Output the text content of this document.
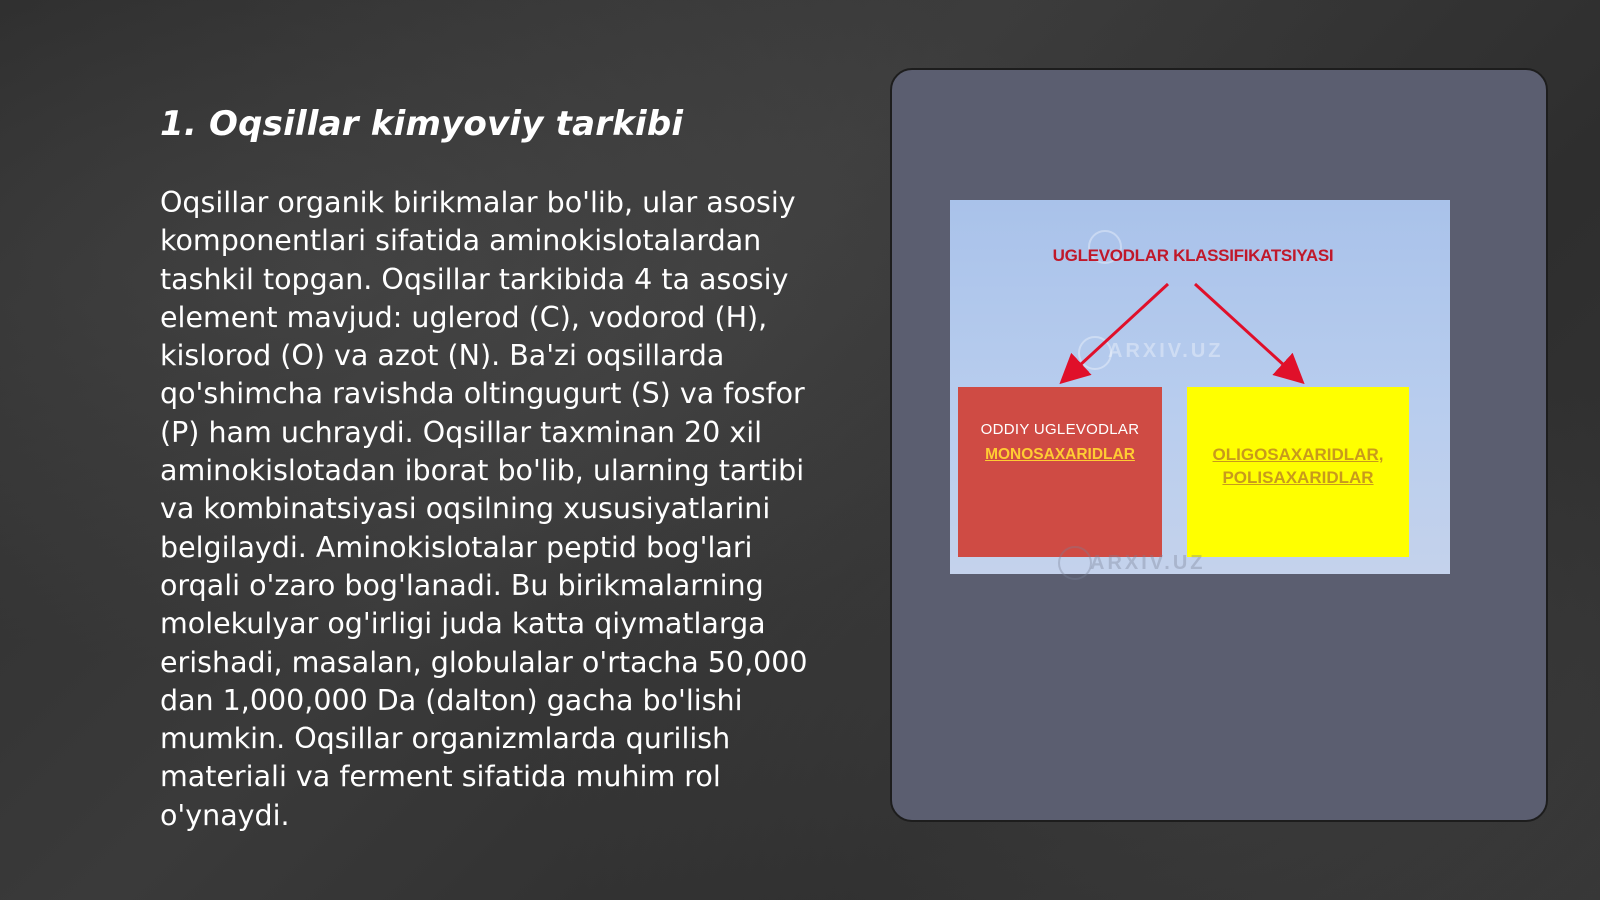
1. Oqsillar kimyoviy tarkibi

Oqsillar organik birikmalar bo'lib, ular asosiy komponentlari sifatida aminokislotalardan tashkil topgan. Oqsillar tarkibida 4 ta asosiy element mavjud: uglerod (C), vodorod (H), kislorod (O) va azot (N). Ba'zi oqsillarda qo'shimcha ravishda oltingugurt (S) va fosfor (P) ham uchraydi. Oqsillar taxminan 20 xil aminokislotadan iborat bo'lib, ularning tartibi va kombinatsiyasi oqsilning xususiyatlarini belgilaydi. Aminokislotalar peptid bog'lari orqali o'zaro bog'lanadi. Bu birikmalarning molekulyar og'irligi juda katta qiymatlarga erishadi, masalan, globulalar o'rtacha 50,000 dan 1,000,000 Da (dalton) gacha bo'lishi mumkin. Oqsillar organizmlarda qurilish materiali va ferment sifatida muhim rol o'ynaydi.

ARXIV.UZ
UGLEVODLAR KLASSIFIKATSIYASI
ODDIY UGLEVODLAR
MONOSAXARIDLAR	OLIGOSAXARIDLAR,
POLISAXARIDLAR
ARXIV.UZ
